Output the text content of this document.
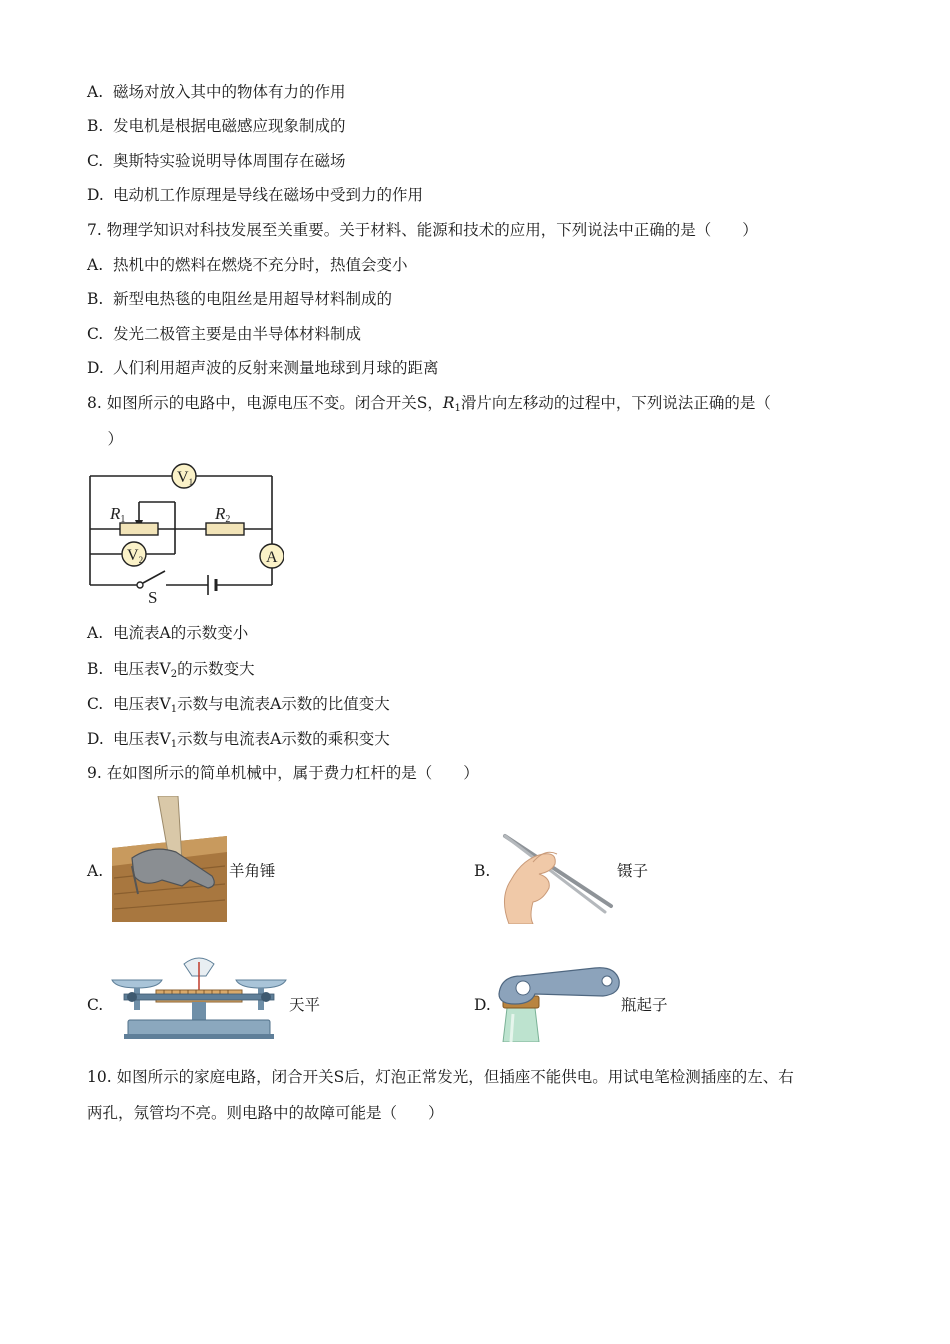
A. 磁场对放入其中的物体有力的作用
B. 发电机是根据电磁感应现象制成的
C. 奥斯特实验说明导体周围存在磁场
D. 电动机工作原理是导线在磁场中受到力的作用
7. 物理学知识对科技发展至关重要。关于材料、能源和技术的应用，下列说法中正确的是（　　）
A. 热机中的燃料在燃烧不充分时，热值会变小
B. 新型电热毯的电阻丝是用超导材料制成的
C. 发光二极管主要是由半导体材料制成
D. 人们利用超声波的反射来测量地球到月球的距离
8. 如图所示的电路中，电源电压不变。闭合开关S，$R_1$滑片向左移动的过程中，下列说法正确的是（
　）
V1
V2	A
R1	R2
S
A. 电流表A的示数变小
B. 电压表$V_2$的示数变大
C. 电压表$V_1$示数与电流表A示数的比值变大
D. 电压表$V_1$示数与电流表A示数的乘积变大
9. 在如图所示的简单机械中，属于费力杠杆的是（　　）
A.	羊角锤	B.	镊子
C.	天平	D.	瓶起子
10. 如图所示的家庭电路，闭合开关S后，灯泡正常发光，但插座不能供电。用试电笔检测插座的左、右
两孔，氖管均不亮。则电路中的故障可能是（　　）
